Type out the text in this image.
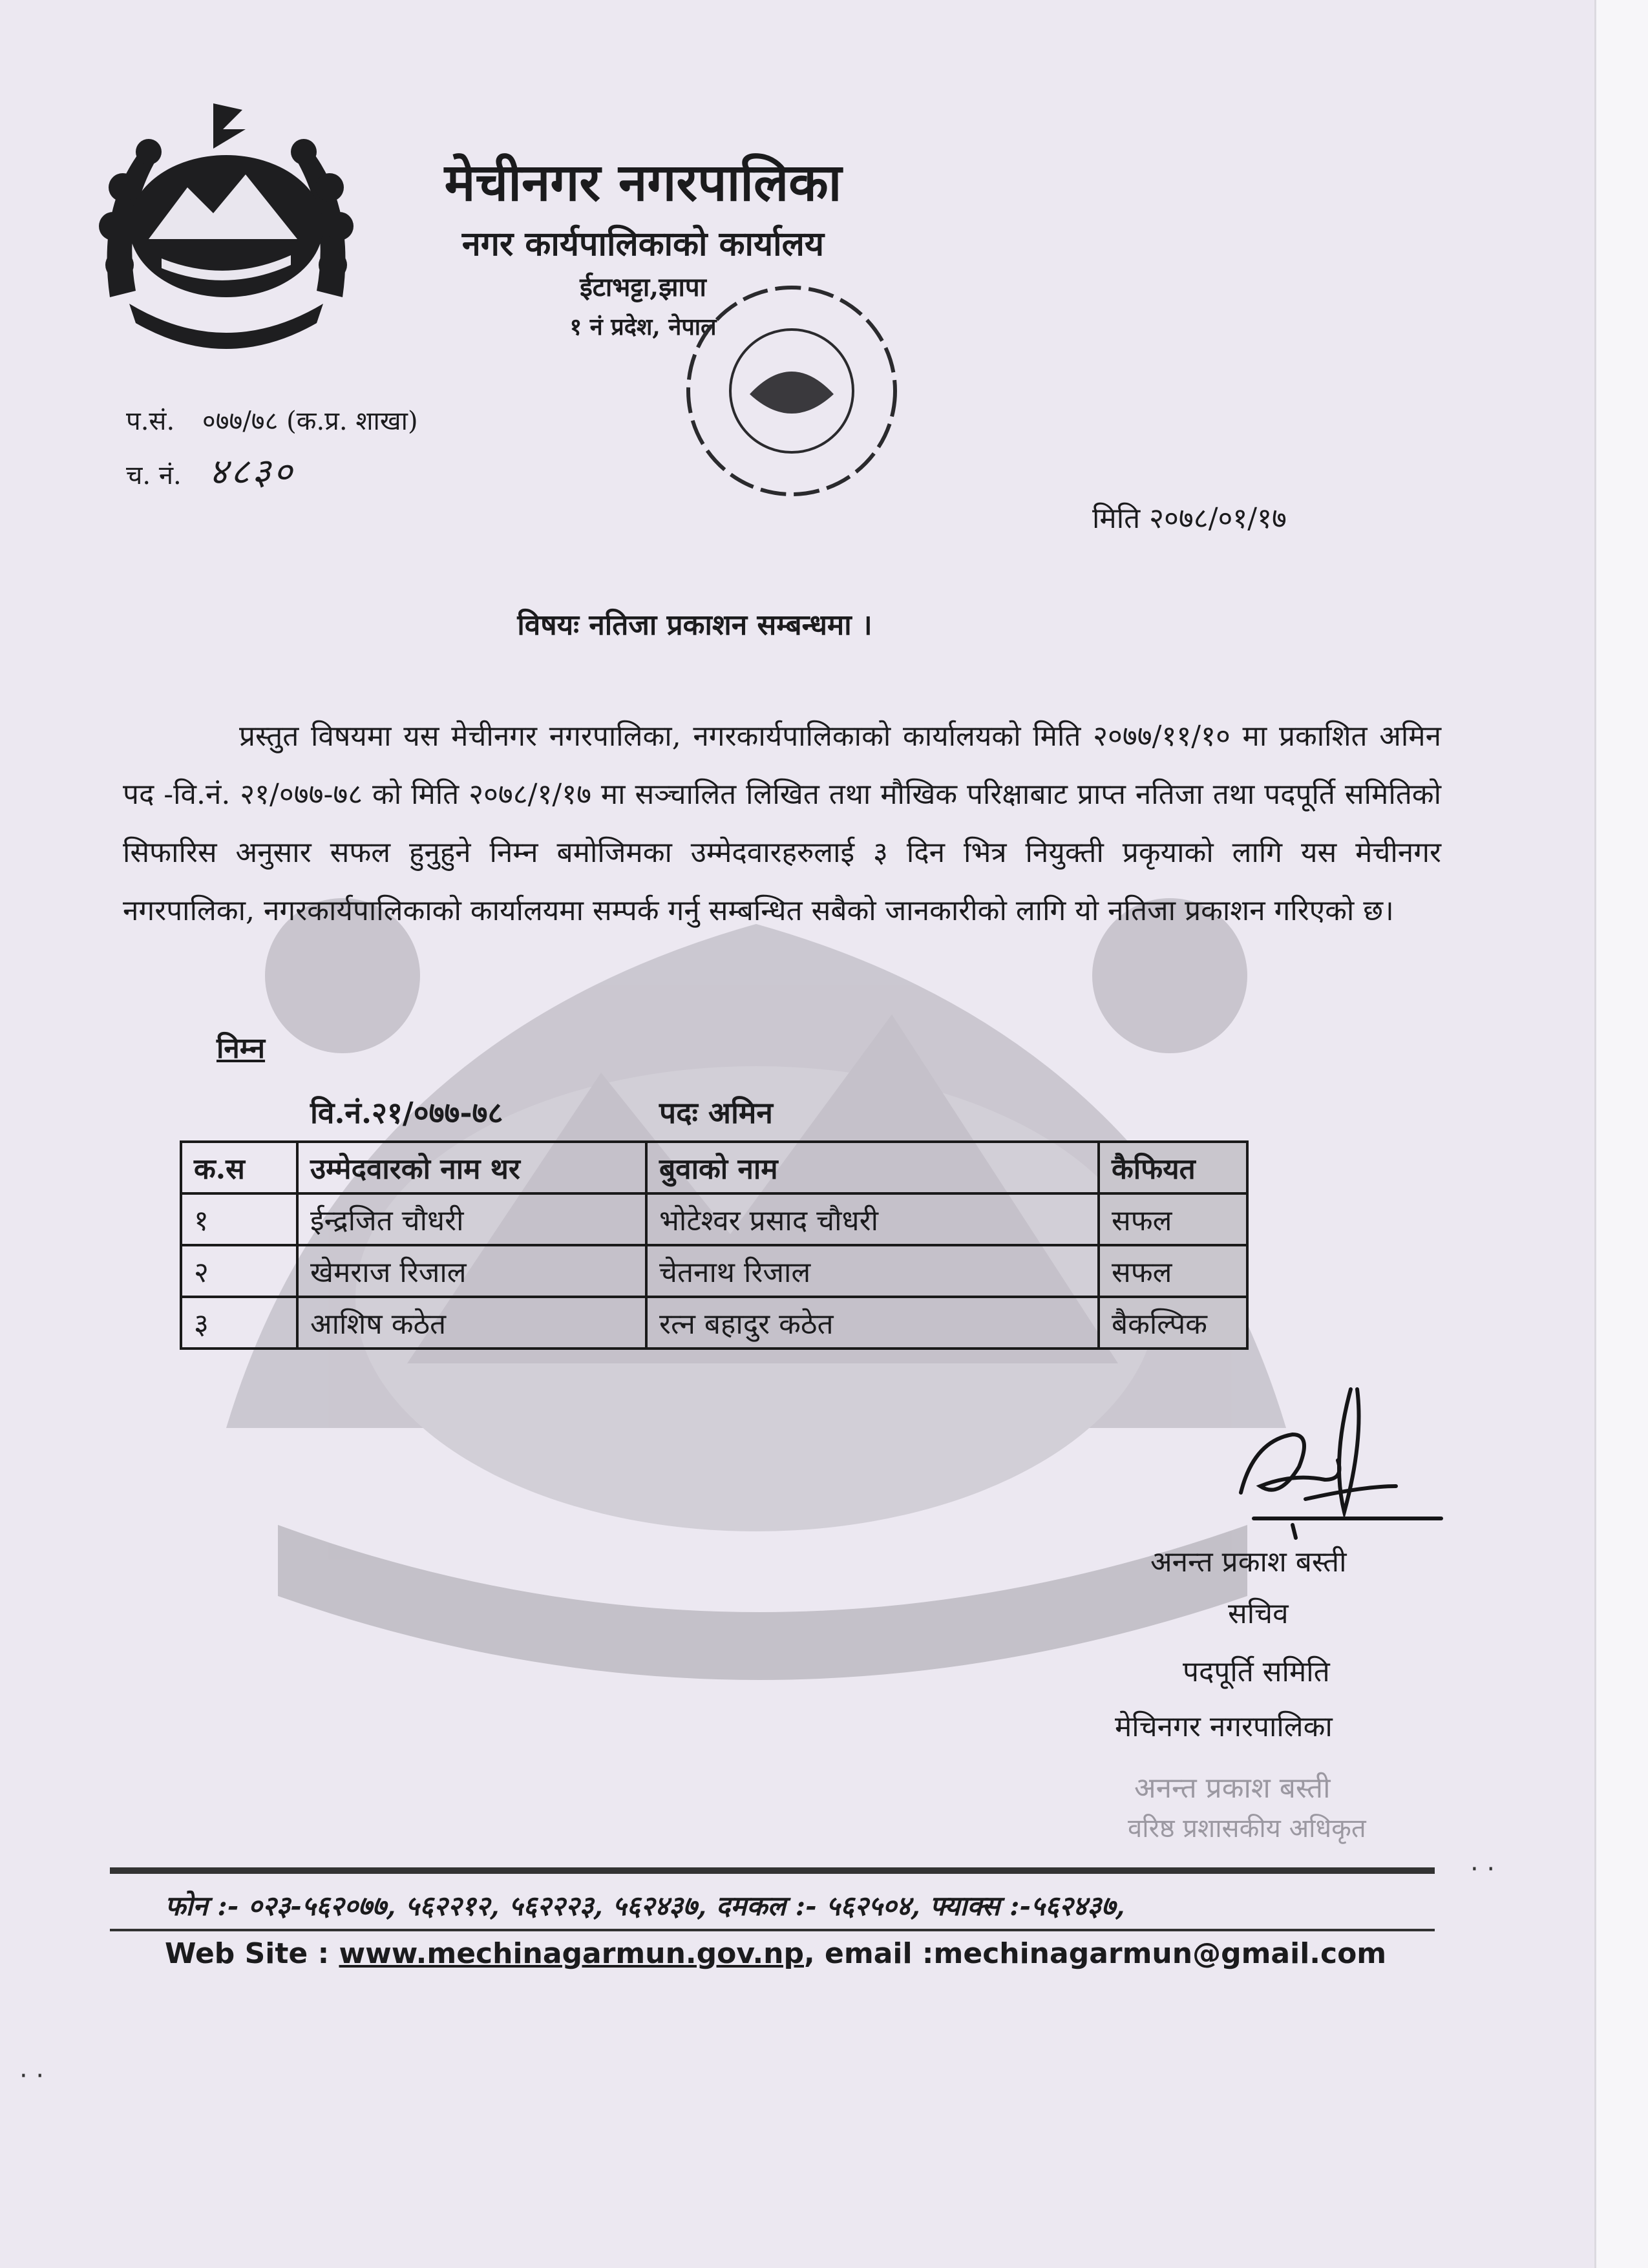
मेचीनगर नगरपालिका
नगर कार्यपालिकाको कार्यालय
ईटाभट्टा,झापा
१ नं प्रदेश, नेपाल
प.सं. ०७७/७८ (क.प्र. शाखा)
च. नं. ४८३०
मिति २०७८/०१/१७
विषयः नतिजा प्रकाशन सम्बन्धमा ।
प्रस्तुत विषयमा यस मेचीनगर नगरपालिका, नगरकार्यपालिकाको कार्यालयको मिति २०७७/११/१० मा प्रकाशित अमिन पद -वि.नं. २१/०७७-७८ को मिति २०७८/१/१७ मा सञ्चालित लिखित तथा मौखिक परिक्षाबाट प्राप्त नतिजा तथा पदपूर्ति समितिको सिफारिस अनुसार सफल हुनुहुने निम्न बमोजिमका उम्मेदवारहरुलाई ३ दिन भित्र नियुक्ती प्रकृयाको लागि यस मेचीनगर नगरपालिका, नगरकार्यपालिकाको कार्यालयमा सम्पर्क गर्नु सम्बन्धित सबैको जानकारीको लागि यो नतिजा प्रकाशन गरिएको छ।
निम्न
वि.नं.२१/०७७-७८	पदः अमिन
क.स	उम्मेदवारको नाम थर	बुवाको नाम	कैफियत
१	ईन्द्रजित चौधरी	भोटेश्वर प्रसाद चौधरी	सफल
२	खेमराज रिजाल	चेतनाथ रिजाल	सफल
३	आशिष कठेत	रत्न बहादुर कठेत	बैकल्पिक
अनन्त प्रकाश बस्ती
सचिव
पदपूर्ति समिति
मेचिनगर नगरपालिका
अनन्त प्रकाश बस्ती
वरिष्ठ प्रशासकीय अधिकृत
फोन :- ०२३-५६२०७७, ५६२२१२, ५६२२२३, ५६२४३७, दमकल :- ५६२५०४, फ्याक्स :-५६२४३७,
Web Site : www.mechinagarmun.gov.np, email :mechinagarmun@gmail.com
· ·
· ·
